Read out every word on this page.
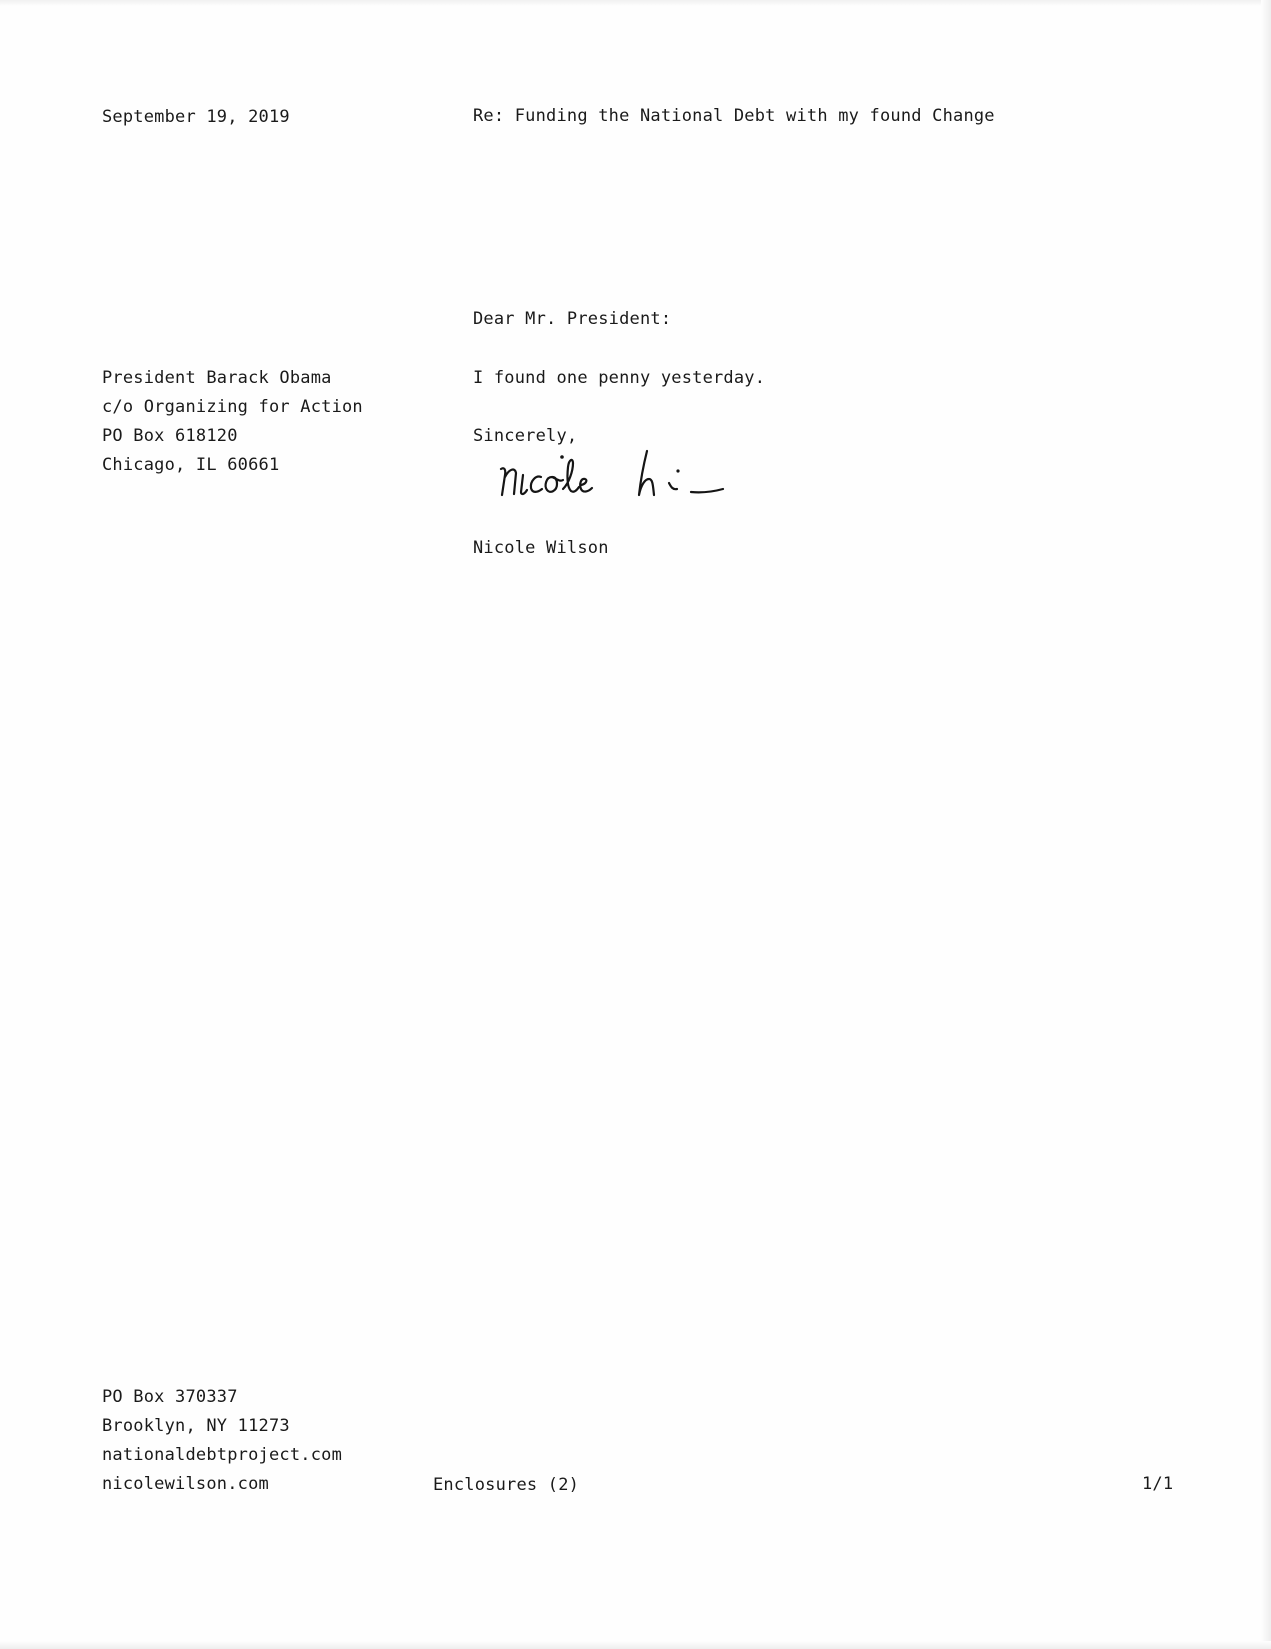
September 19, 2019	Re: Funding the National Debt with my found Change
Dear Mr. President:
President Barack Obama
c/o Organizing for Action
PO Box 618120
Chicago, IL 60661
I found one penny yesterday.
Sincerely,
Nicole Wilson
PO Box 370337
Brooklyn, NY 11273
nationaldebtproject.com
nicolewilson.com	Enclosures (2)	1/1
